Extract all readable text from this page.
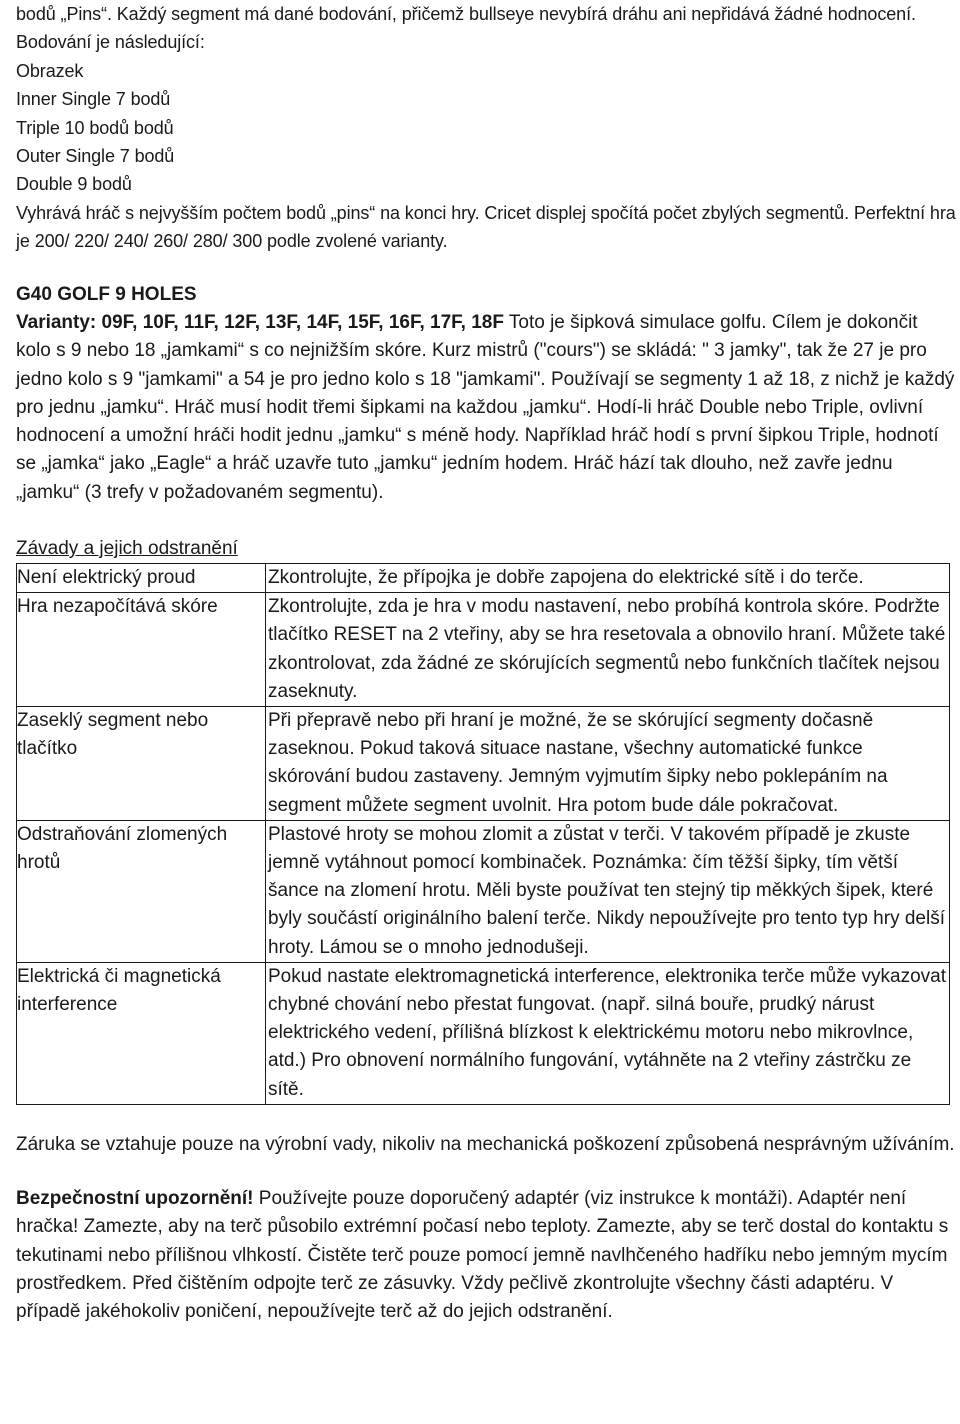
bodů „Pins“. Každý segment má dané bodování, přičemž bullseye nevybírá dráhu ani nepřidává žádné hodnocení. Bodování je následující:

Obrazek

Inner Single 7 bodů

Triple 10 bodů bodů

Outer Single 7 bodů

Double 9 bodů

Vyhrává hráč s nejvyšším počtem bodů „pins“ na konci hry. Cricet displej spočítá počet zbylých segmentů. Perfektní hra je 200/ 220/ 240/ 260/ 280/ 300 podle zvolené varianty.

G40 GOLF 9 HOLES

Varianty: 09F, 10F, 11F, 12F, 13F, 14F, 15F, 16F, 17F, 18F Toto je šipková simulace golfu. Cílem je dokončit kolo s 9 nebo 18 „jamkami“ s co nejnižším skóre. Kurz mistrů ("cours") se skládá: " 3 jamky", tak že 27 je pro jedno kolo s 9 "jamkami" a 54 je pro jedno kolo s 18 "jamkami". Používají se segmenty 1 až 18, z nichž je každý pro jednu „jamku“. Hráč musí hodit třemi šipkami na každou „jamku“. Hodí-li hráč Double nebo Triple, ovlivní hodnocení a umožní hráči hodit jednu „jamku“ s méně hody. Například hráč hodí s první šipkou Triple, hodnotí se „jamka“ jako „Eagle“ a hráč uzavře tuto „jamku“ jedním hodem. Hráč hází tak dlouho, než zavře jednu „jamku“ (3 trefy v požadovaném segmentu).

Závady a jejich odstranění
Není elektrický proud	Zkontrolujte, že přípojka je dobře zapojena do elektrické sítě i do terče.

Hra nezapočítává skóre	Zkontrolujte, zda je hra v modu nastavení, nebo probíhá kontrola skóre. Podržte tlačítko RESET na 2 vteřiny, aby se hra resetovala a obnovilo hraní. Můžete také zkontrolovat, zda žádné ze skórujících segmentů nebo funkčních tlačítek nejsou zaseknuty.

Zaseklý segment nebo tlačítko	Při přepravě nebo při hraní je možné, že se skórující segmenty dočasně zaseknou. Pokud taková situace nastane, všechny automatické funkce skórování budou zastaveny. Jemným vyjmutím šipky nebo poklepáním na segment můžete segment uvolnit. Hra potom bude dále pokračovat.

Odstraňování zlomených hrotů	Plastové hroty se mohou zlomit a zůstat v terči. V takovém případě je zkuste jemně vytáhnout pomocí kombinaček. Poznámka: čím těžší šipky, tím větší šance na zlomení hrotu. Měli byste používat ten stejný tip měkkých šipek, které byly součástí originálního balení terče. Nikdy nepoužívejte pro tento typ hry delší hroty. Lámou se o mnoho jednodušeji.

Elektrická či magnetická interference	Pokud nastate elektromagnetická interference, elektronika terče může vykazovat chybné chování nebo přestat fungovat. (např. silná bouře, prudký nárust elektrického vedení, přílišná blízkost k elektrickému motoru nebo mikrovlnce, atd.) Pro obnovení normálního fungování, vytáhněte na 2 vteřiny zástrčku ze sítě.

Záruka se vztahuje pouze na výrobní vady, nikoliv na mechanická poškození způsobená nesprávným užíváním.

Bezpečnostní upozornění! Používejte pouze doporučený adaptér (viz instrukce k montáži). Adaptér není hračka! Zamezte, aby na terč působilo extrémní počasí nebo teploty. Zamezte, aby se terč dostal do kontaktu s tekutinami nebo přílišnou vlhkostí. Čistěte terč pouze pomocí jemně navlhčeného hadříku nebo jemným mycím prostředkem. Před čištěním odpojte terč ze zásuvky. Vždy pečlivě zkontrolujte všechny části adaptéru. V případě jakéhokoliv poničení, nepoužívejte terč až do jejich odstranění.
